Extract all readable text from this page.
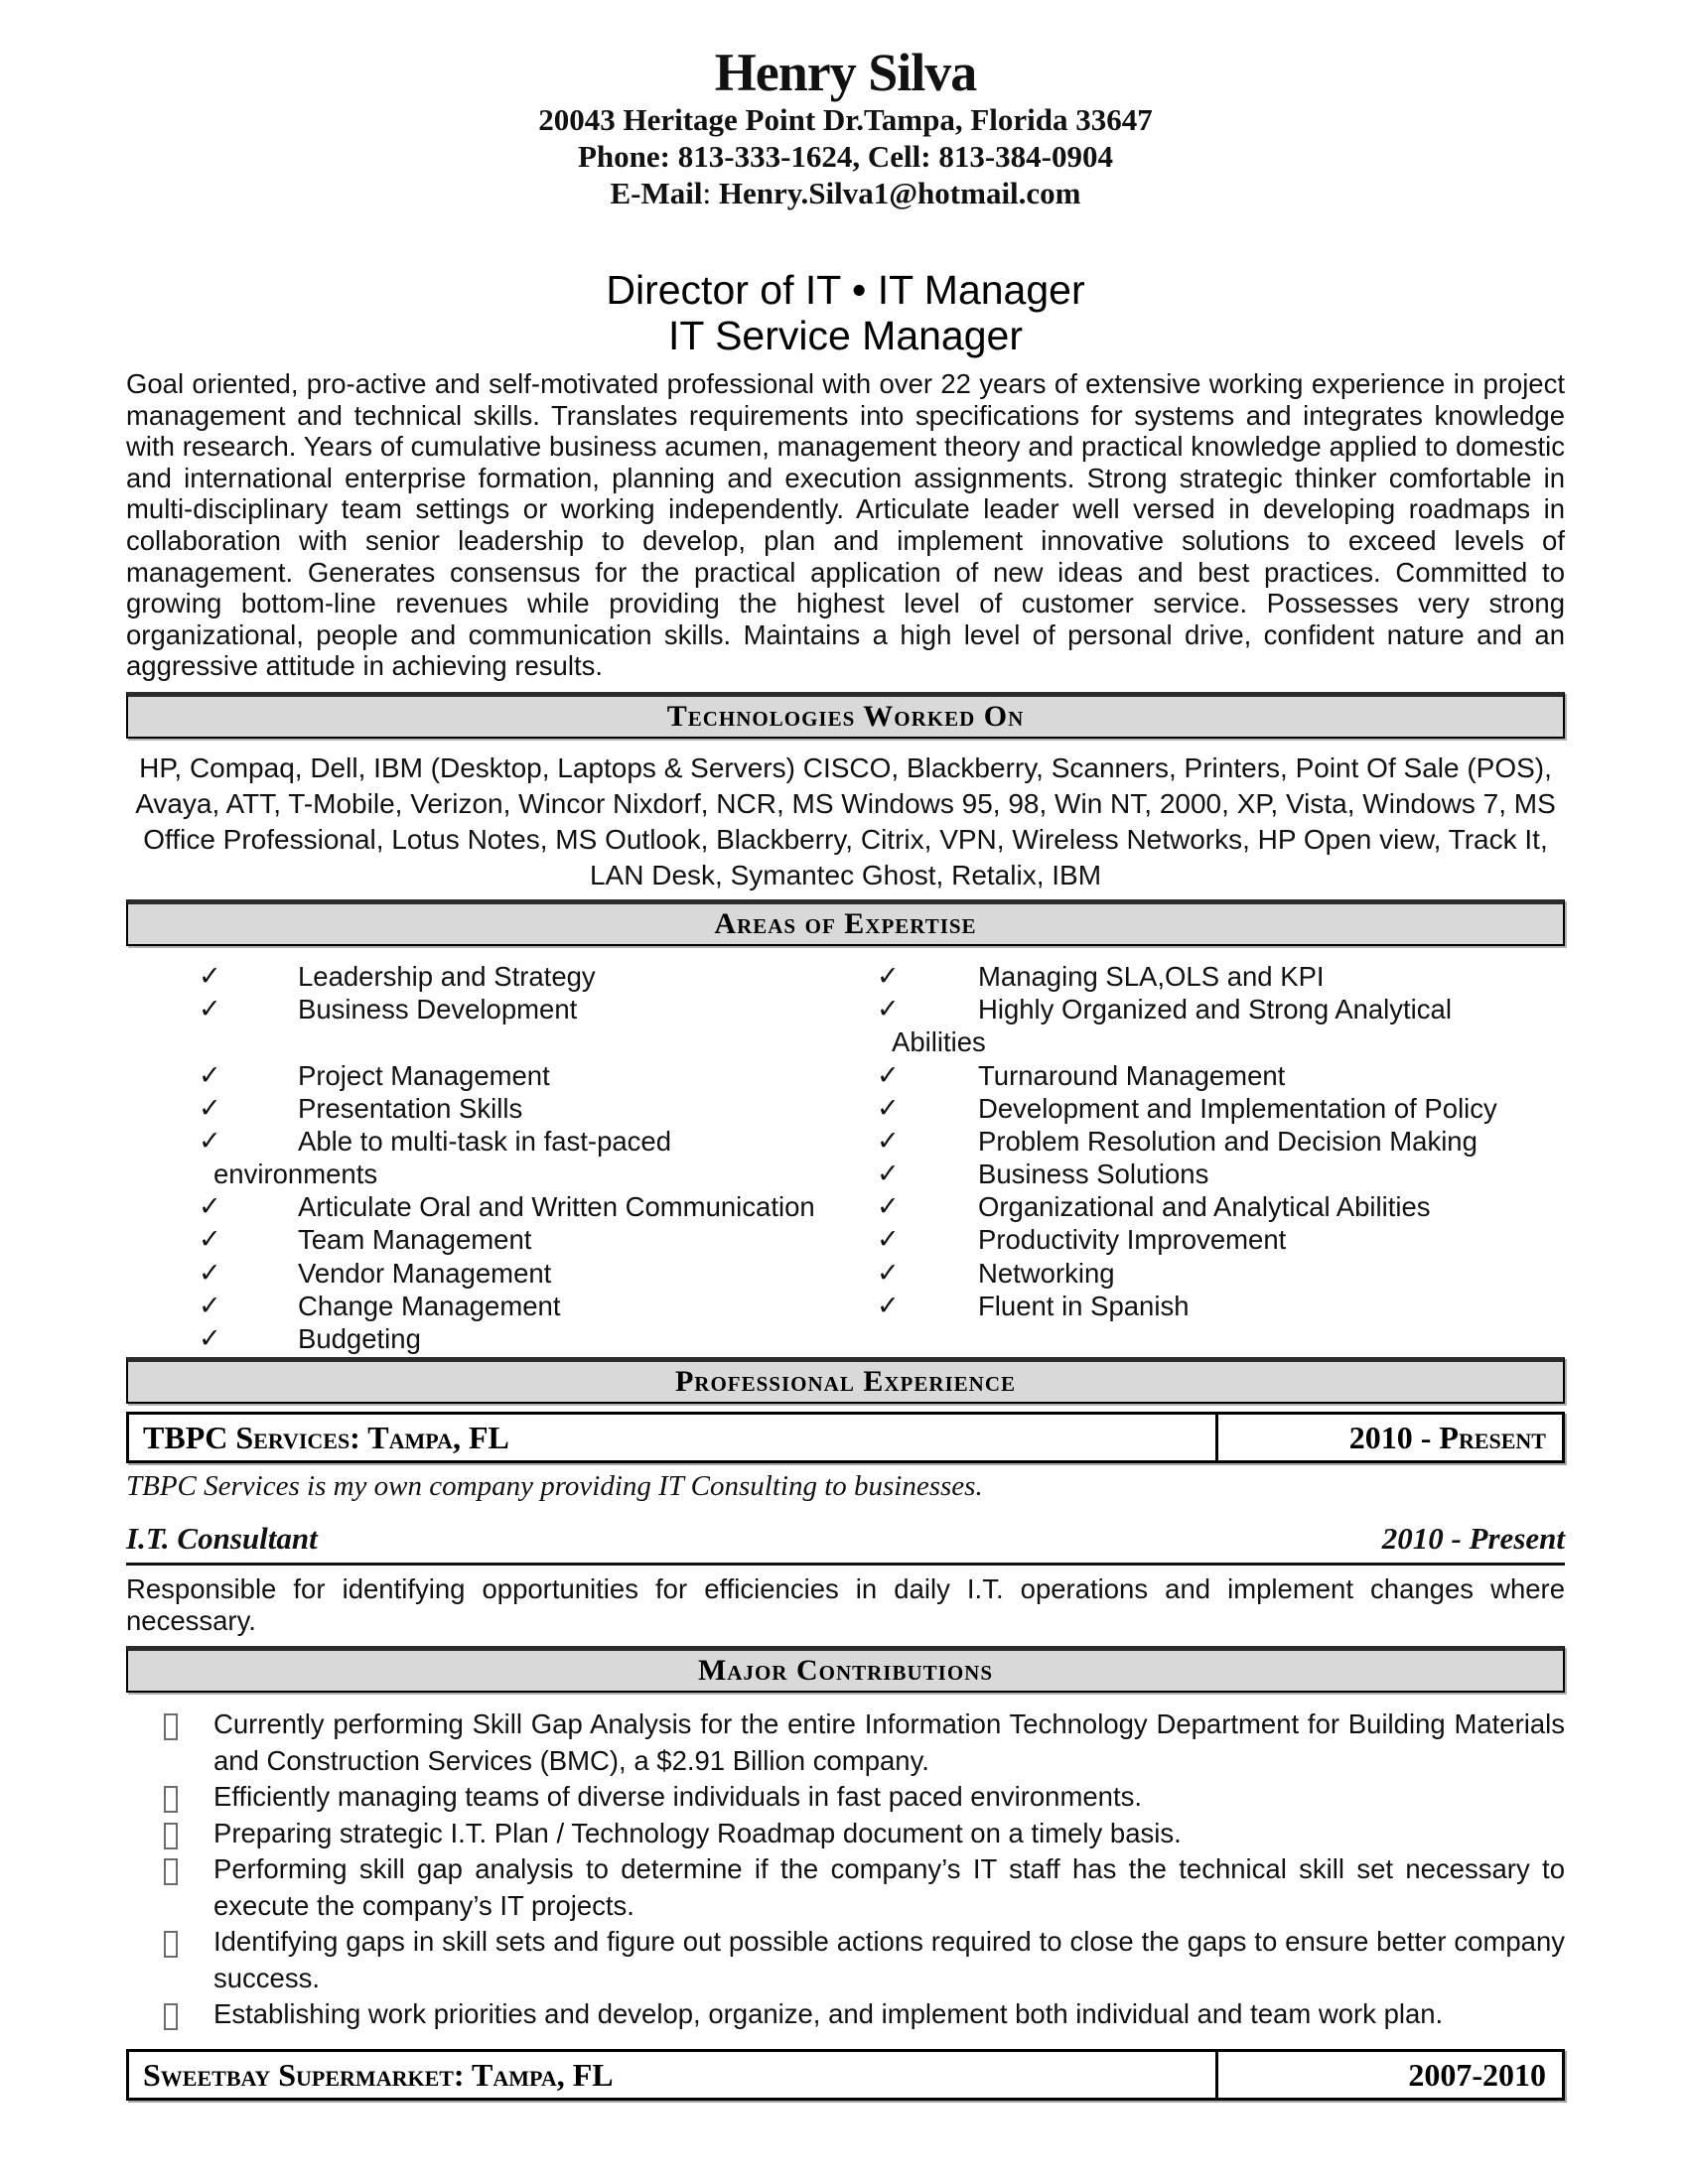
Henry Silva
20043 Heritage Point Dr.Tampa, Florida 33647
Phone: 813-333-1624, Cell: 813-384-0904
E-Mail: Henry.Silva1@hotmail.com
Director of IT • IT Manager
IT Service Manager

Goal oriented, pro-active and self-motivated professional with over 22 years of extensive working experience in project management and technical skills. Translates requirements into specifications for systems and integrates knowledge with research. Years of cumulative business acumen, management theory and practical knowledge applied to domestic and international enterprise formation, planning and execution assignments. Strong strategic thinker comfortable in multi-disciplinary team settings or working independently. Articulate leader well versed in developing roadmaps in collaboration with senior leadership to develop, plan and implement innovative solutions to exceed levels of management. Generates consensus for the practical application of new ideas and best practices. Committed to growing bottom-line revenues while providing the highest level of customer service. Possesses very strong organizational, people and communication skills. Maintains a high level of personal drive, confident nature and an aggressive attitude in achieving results.

Technologies Worked On

HP, Compaq, Dell, IBM (Desktop, Laptops & Servers) CISCO, Blackberry, Scanners, Printers, Point Of Sale (POS), Avaya, ATT, T-Mobile, Verizon, Wincor Nixdorf, NCR, MS Windows 95, 98, Win NT, 2000, XP, Vista, Windows 7, MS Office Professional, Lotus Notes, MS Outlook, Blackberry, Citrix, VPN, Wireless Networks, HP Open view, Track It, LAN Desk, Symantec Ghost, Retalix, IBM

Areas of Expertise
✓	Leadership and Strategy
✓	Business Development
✓	Project Management
✓	Presentation Skills
✓	Able to multi-task in fast-paced
environments
✓	Articulate Oral and Written Communication
✓	Team Management
✓	Vendor Management
✓	Change Management
✓	Budgeting
✓	Managing SLA,OLS and KPI
✓	Highly Organized and Strong Analytical
Abilities
✓	Turnaround Management
✓	Development and Implementation of Policy
✓	Problem Resolution and Decision Making
✓	Business Solutions
✓	Organizational and Analytical Abilities
✓	Productivity Improvement
✓	Networking
✓	Fluent in Spanish
Professional Experience
TBPC Services: Tampa, FL	2010 - Present

TBPC Services is my own company providing IT Consulting to businesses.

I.T. Consultant	2010 - Present

Responsible for identifying opportunities for efficiencies in daily I.T. operations and implement changes where necessary.

Major Contributions
Currently performing Skill Gap Analysis for the entire Information Technology Department for Building Materials and Construction Services (BMC), a $2.91 Billion company.
Efficiently managing teams of diverse individuals in fast paced environments.
Preparing strategic I.T. Plan / Technology Roadmap document on a timely basis.
Performing skill gap analysis to determine if the company’s IT staff has the technical skill set necessary to execute the company’s IT projects.
Identifying gaps in skill sets and figure out possible actions required to close the gaps to ensure better company success.
Establishing work priorities and develop, organize, and implement both individual and team work plan.
Sweetbay Supermarket: Tampa, FL	2007-2010
